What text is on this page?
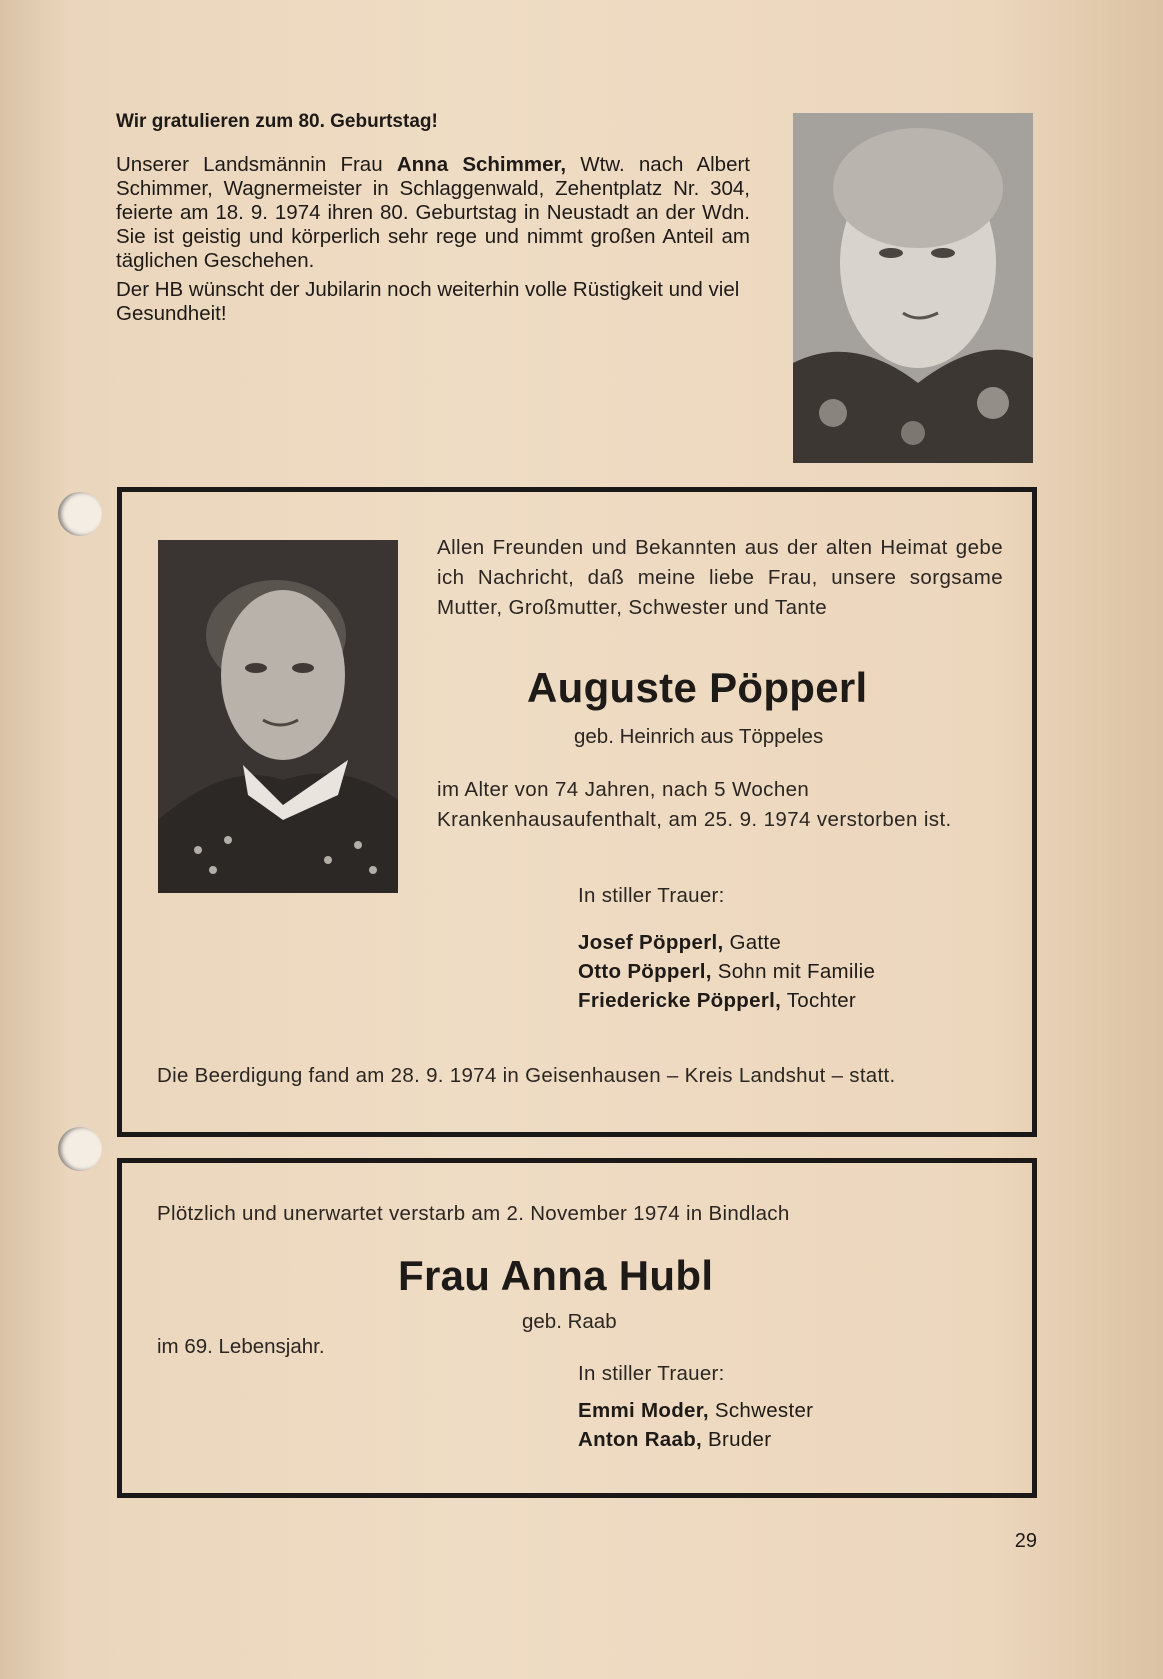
Wir gratulieren zum 80. Geburtstag!

Unserer Landsmännin Frau Anna Schimmer, Wtw. nach Albert Schimmer, Wagnermeister in Schlaggenwald, Zehentplatz Nr. 304, feierte am 18. 9. 1974 ihren 80. Geburtstag in Neustadt an der Wdn. Sie ist geistig und körperlich sehr rege und nimmt großen Anteil am täglichen Geschehen.

Der HB wünscht der Jubilarin noch weiterhin volle Rüstigkeit und viel Gesundheit!

Allen Freunden und Bekannten aus der alten Heimat gebe ich Nachricht, daß meine liebe Frau, unsere sorgsame Mutter, Großmutter, Schwester und Tante

Auguste Pöpperl
geb. Heinrich aus Töppeles

im Alter von 74 Jahren, nach 5 Wochen Krankenhausaufenthalt, am 25. 9. 1974 verstorben ist.

In stiller Trauer:
Josef Pöpperl, Gatte
Otto Pöpperl, Sohn mit Familie
Friedericke Pöpperl, Tochter
Die Beerdigung fand am 28. 9. 1974 in Geisenhausen – Kreis Landshut – statt.
Plötzlich und unerwartet verstarb am 2. November 1974 in Bindlach
Frau Anna Hubl
geb. Raab
im 69. Lebensjahr.
In stiller Trauer:
Emmi Moder, Schwester
Anton Raab, Bruder
29
